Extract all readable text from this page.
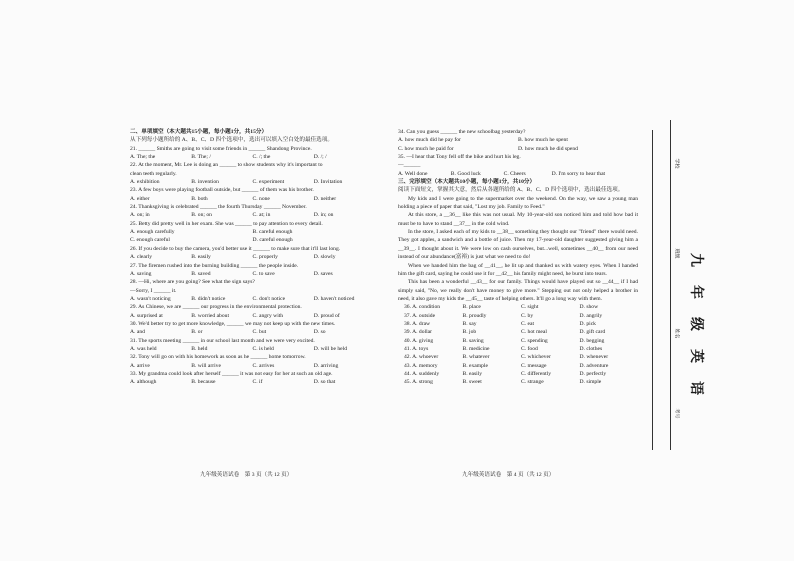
二、单项填空（本大题共15小题，每小题1分，共15分）
从下列每小题所给的 A、B、C、D 四个选项中，选出可以填入空白处的最佳选项。
21. ______ Smiths are going to visit some friends in ______ Shandong Province.
A. The; the	B. The; /	C. /; the	D. /; /
22. At the moment, Mr. Lee is doing an ______ to show students why it's important to
clean teeth regularly.
A. exhibition	B. invention	C. experiment	D. Invitation
23. A few boys were playing football outside, but ______ of them was his brother.
A. either	B. both	C. none	D. neither
24. Thanksgiving is celebrated ______ the fourth Thursday ______ November.
A. on; in	B. on; on	C. at; in	D. in; on
25. Betty did pretty well in her exam. She was ______ to pay attention to every detail.
A. enough carefully	B. careful enough
C. enough careful	D. careful enough
26. If you decide to buy the camera, you'd better use it ______ to make sure that it'll last long.
A. clearly	B. easily	C. properly	D. slowly
27. The firemen rushed into the burning building ______ the people inside.
A. saving	B. saved	C. to save	D. saves
28. —Hi, where are you going? See what the sign says?
—Sorry, I ______ it.
A. wasn't noticing	B. didn't notice	C. don't notice	D. haven't noticed
29. As Chinese, we are ______ our progress in the environmental protection.
A. surprised at	B. worried about	C. angry with	D. proud of
30. We'd better try to get more knowledge, ______ we may not keep up with the new times.
A. and	B. or	C. but	D. so
31. The sports meeting ______ in our school last month and we were very excited.
A. was held	B. held	C. is held	D. will be held
32. Tony will go on with his homework as soon as he ______ home tomorrow.
A. arrive	B. will arrive	C. arrives	D. arriving
33. My grandma could look after herself ______ it was not easy for her at such an old age.
A. although	B. because	C. if	D. so that
九年级英语试卷　第 3 页（共 12 页）
34. Can you guess ______ the new schoolbag yesterday?
A. how much did he pay for	B. how much he spent
C. how much he paid for	D. how much he did spend
35. —I hear that Tony fell off the bike and hurt his leg.
—______
A. Well done	B. Good luck	C. Cheers	D. I'm sorry to hear that
三、完形填空（本大题共10小题，每小题1分，共10分）
阅读下面短文，掌握其大意，然后从各题所给的 A、B、C、D 四个选项中，选出最佳选项。
My kids and I were going to the supermarket over the weekend. On the way, we saw a young man holding a piece of paper that said, "Lost my job. Family to Feed."
At this store, a __36__ like this was not usual. My 10-year-old son noticed him and told how bad it must be to have to stand __37__ in the cold wind.
In the store, I asked each of my kids to __38__ something they thought our "friend" there would need. They got apples, a sandwich and a bottle of juice. Then my 17-year-old daughter suggested giving him a __39__. I thought about it. We were low on cash ourselves, but...well, sometimes __40__ from our need instead of our abundance(富裕) is just what we need to do!
When we handed him the bag of __41__, he lit up and thanked us with watery eyes. When I handed him the gift card, saying he could use it for __42__ his family might need, he burst into tears.
This has been a wonderful __43__ for our family. Things would have played out so __44__ if I had simply said, "No, we really don't have money to give more." Stepping out not only helped a brother in need, it also gave my kids the __45__ taste of helping others. It'll go a long way with them.
36. A. condition	B. place	C. sight	D. show
37. A. outside	B. proudly	C. by	D. angrily
38. A. draw	B. say	C. eat	D. pick
39. A. dollar	B. job	C. hot meal	D. gift card
40. A. giving	B. saving	C. spending	D. begging
41. A. toys	B. medicine	C. food	D. clothes
42. A. whoever	B. whatever	C. whichever	D. whenever
43. A. memory	B. example	C. message	D. adventure
44. A. suddenly	B. easily	C. differently	D. perfectly
45. A. strong	B. sweet	C. strange	D. simple
九年级英语试卷　第 4 页（共 12 页）
学校
班级
姓名
考号
九
年
级
英
语
